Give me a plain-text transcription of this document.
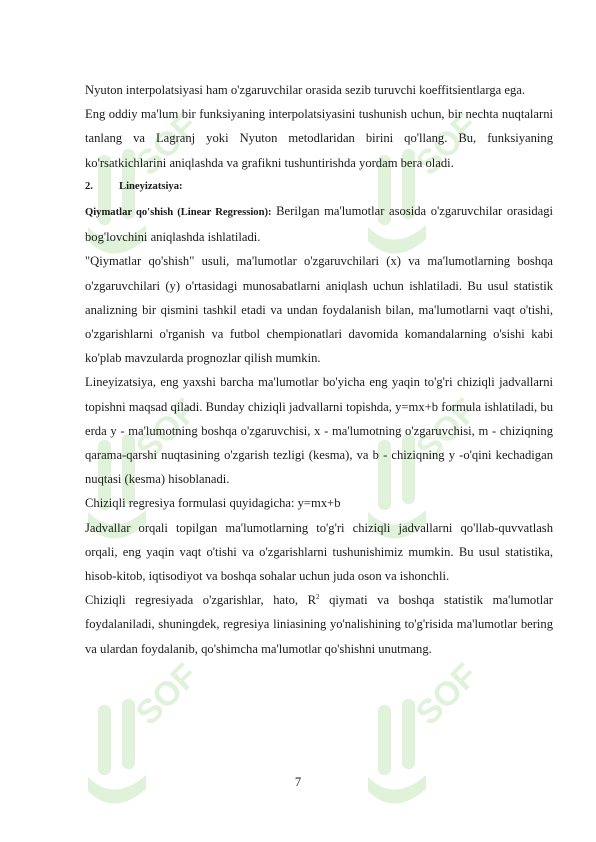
Nyuton interpolatsiyasi ham o'zgaruvchilar orasida sezib turuvchi koeffitsientlarga ega.

Eng oddiy ma'lum bir funksiyaning interpolatsiyasini tushunish uchun, bir nechta nuqtalarni tanlang va Lagranj yoki Nyuton metodlaridan birini qo'llang. Bu, funksiyaning ko'rsatkichlarini aniqlashda va grafikni tushuntirishda yordam bera oladi.

2. Lineyizatsiya:

Qiymatlar qo'shish (Linear Regression): Berilgan ma'lumotlar asosida o'zgaruvchilar orasidagi bog'lovchini aniqlashda ishlatiladi.

"Qiymatlar qo'shish" usuli, ma'lumotlar o'zgaruvchilari (x) va ma'lumotlarning boshqa o'zgaruvchilari (y) o'rtasidagi munosabatlarni aniqlash uchun ishlatiladi. Bu usul statistik analizning bir qismini tashkil etadi va undan foydalanish bilan, ma'lumotlarni vaqt o'tishi, o'zgarishlarni o'rganish va futbol chempionatlari davomida komandalarning o'sishi kabi ko'plab mavzularda prognozlar qilish mumkin.

Lineyizatsiya, eng yaxshi barcha ma'lumotlar bo'yicha eng yaqin to'g'ri chiziqli jadvallarni topishni maqsad qiladi. Bunday chiziqli jadvallarni topishda, y=mx+b formula ishlatiladi, bu erda y - ma'lumotning boshqa o'zgaruvchisi, x - ma'lumotning o'zgaruvchisi, m - chiziqning qarama-qarshi nuqtasining o'zgarish tezligi (kesma), va b - chiziqning y -o'qini kechadigan nuqtasi (kesma) hisoblanadi.

Chiziqli regresiya formulasi quyidagicha: y=mx+b

Jadvallar orqali topilgan ma'lumotlarning to'g'ri chiziqli jadvallarni qo'llab-quvvatlash orqali, eng yaqin vaqt o'tishi va o'zgarishlarni tushunishimiz mumkin. Bu usul statistika, hisob-kitob, iqtisodiyot va boshqa sohalar uchun juda oson va ishonchli.

Chiziqli regresiyada o'zgarishlar, hato, $R^2$ qiymati va boshqa statistik ma'lumotlar foydalaniladi, shuningdek, regresiya liniasining yo'nalishining to'g'risida ma'lumotlar bering va ulardan foydalanib, qo'shimcha ma'lumotlar qo'shishni unutmang.

7
